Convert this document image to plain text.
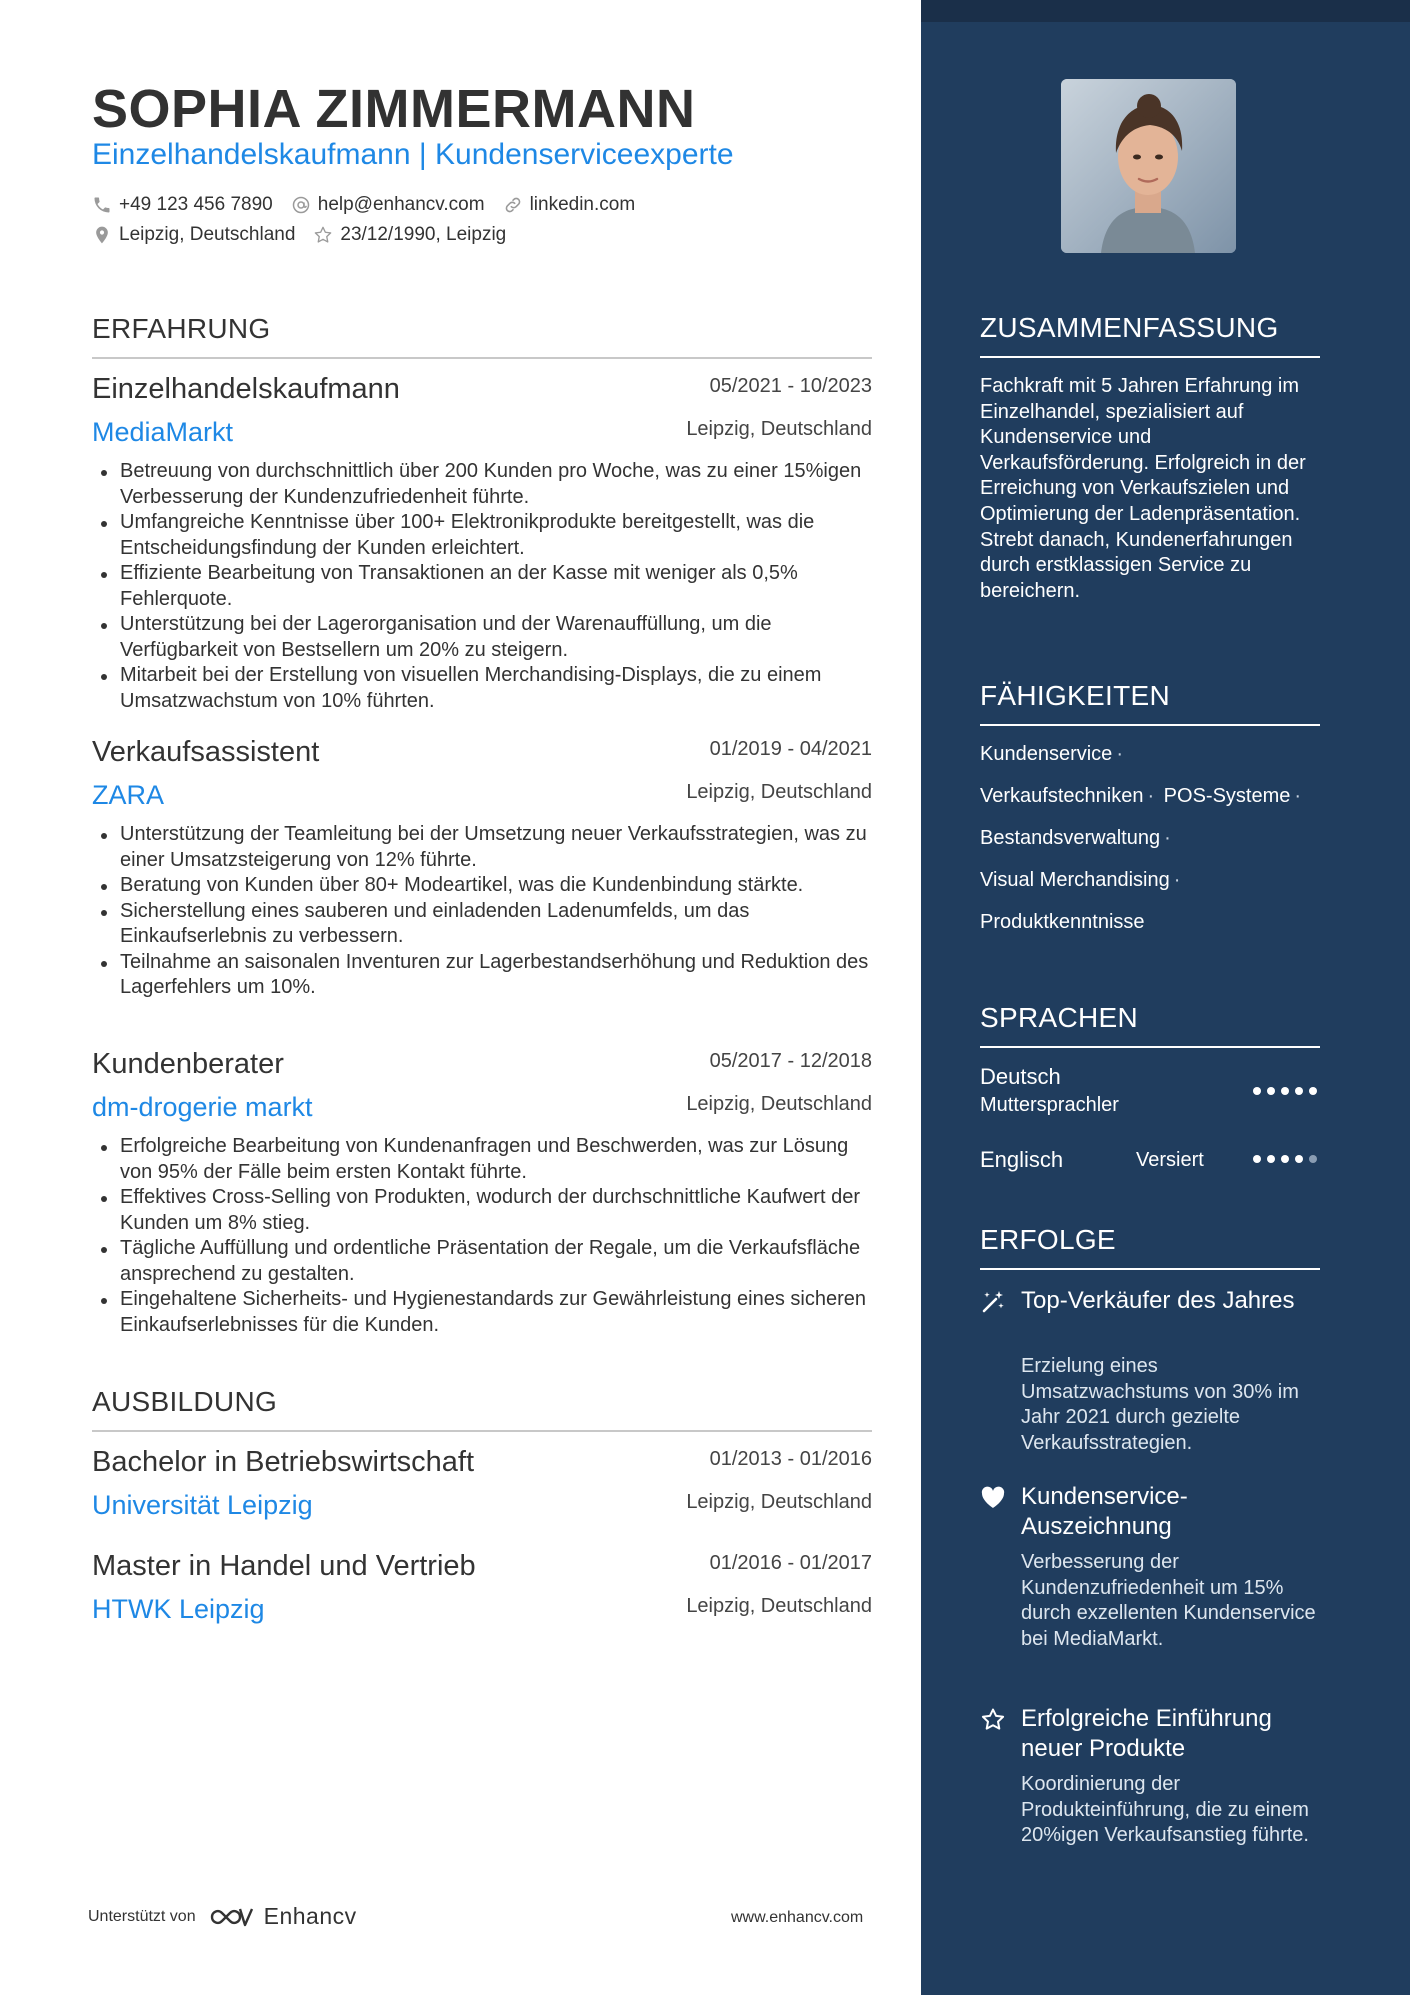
SOPHIA ZIMMERMANN
Einzelhandelskaufmann | Kundenserviceexperte
+49 123 456 7890 help@enhancv.com linkedin.com
Leipzig, Deutschland 23/12/1990, Leipzig
ERFAHRUNG
Einzelhandelskaufmann	05/2021 - 10/2023
MediaMarkt	Leipzig, Deutschland
Betreuung von durchschnittlich über 200 Kunden pro Woche, was zu einer 15%igen Verbesserung der Kundenzufriedenheit führte.
Umfangreiche Kenntnisse über 100+ Elektronikprodukte bereitgestellt, was die Entscheidungsfindung der Kunden erleichtert.
Effiziente Bearbeitung von Transaktionen an der Kasse mit weniger als 0,5% Fehlerquote.
Unterstützung bei der Lagerorganisation und der Warenauffüllung, um die Verfügbarkeit von Bestsellern um 20% zu steigern.
Mitarbeit bei der Erstellung von visuellen Merchandising-Displays, die zu einem Umsatzwachstum von 10% führten.
Verkaufsassistent	01/2019 - 04/2021
ZARA	Leipzig, Deutschland
Unterstützung der Teamleitung bei der Umsetzung neuer Verkaufsstrategien, was zu einer Umsatzsteigerung von 12% führte.
Beratung von Kunden über 80+ Modeartikel, was die Kundenbindung stärkte.
Sicherstellung eines sauberen und einladenden Ladenumfelds, um das Einkaufserlebnis zu verbessern.
Teilnahme an saisonalen Inventuren zur Lagerbestandserhöhung und Reduktion des Lagerfehlers um 10%.
Kundenberater	05/2017 - 12/2018
dm-drogerie markt	Leipzig, Deutschland
Erfolgreiche Bearbeitung von Kundenanfragen und Beschwerden, was zur Lösung von 95% der Fälle beim ersten Kontakt führte.
Effektives Cross-Selling von Produkten, wodurch der durchschnittliche Kaufwert der Kunden um 8% stieg.
Tägliche Auffüllung und ordentliche Präsentation der Regale, um die Verkaufsfläche ansprechend zu gestalten.
Eingehaltene Sicherheits- und Hygienestandards zur Gewährleistung eines sicheren Einkaufserlebnisses für die Kunden.
AUSBILDUNG
Bachelor in Betriebswirtschaft	01/2013 - 01/2016
Universität Leipzig	Leipzig, Deutschland
Master in Handel und Vertrieb	01/2016 - 01/2017
HTWK Leipzig	Leipzig, Deutschland
Unterstützt von	Enhancv	www.enhancv.com
ZUSAMMENFASSUNG
Fachkraft mit 5 Jahren Erfahrung im Einzelhandel, spezialisiert auf Kundenservice und Verkaufsförderung. Erfolgreich in der Erreichung von Verkaufszielen und Optimierung der Ladenpräsentation. Strebt danach, Kundenerfahrungen durch erstklassigen Service zu bereichern.
FÄHIGKEITEN
Kundenservice ·
Verkaufstechniken · POS-Systeme ·
Bestandsverwaltung ·
Visual Merchandising ·
Produktkenntnisse
SPRACHEN
Deutsch
Muttersprachler
Englisch	Versiert
ERFOLGE
Top-Verkäufer des Jahres
Erzielung eines Umsatzwachstums von 30% im Jahr 2021 durch gezielte Verkaufsstrategien.
Kundenservice-Auszeichnung
Verbesserung der Kundenzufriedenheit um 15% durch exzellenten Kundenservice bei MediaMarkt.
Erfolgreiche Einführung neuer Produkte
Koordinierung der Produkteinführung, die zu einem 20%igen Verkaufsanstieg führte.
